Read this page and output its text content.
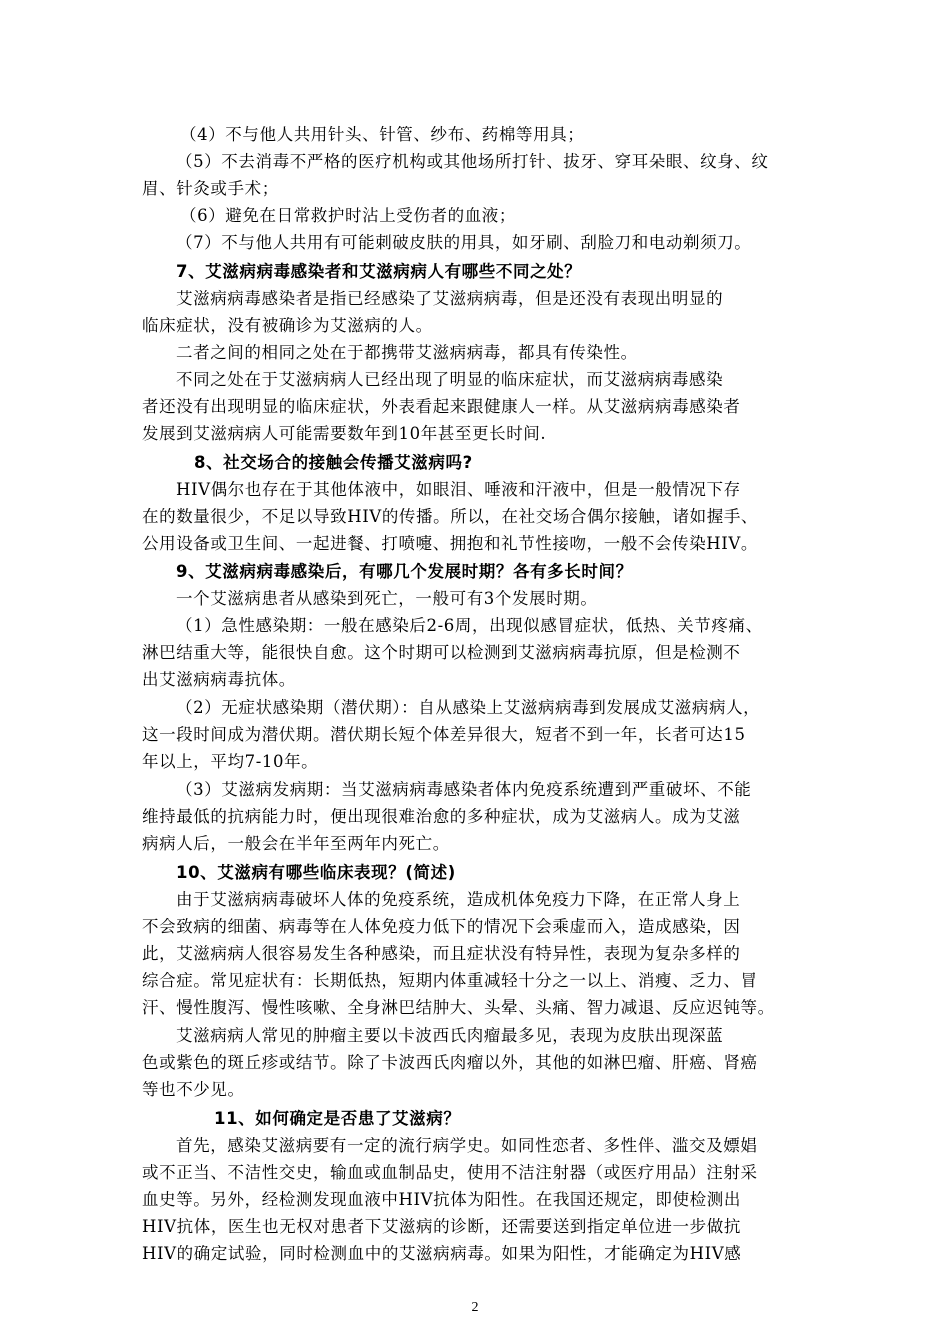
2
（4）不与他人共用针头、针管、纱布、药棉等用具；
（5）不去消毒不严格的医疗机构或其他场所打针、拔牙、穿耳朵眼、纹身、纹
眉、针灸或手术；
（6）避免在日常救护时沾上受伤者的血液；
（7）不与他人共用有可能刺破皮肤的用具，如牙刷、刮脸刀和电动剃须刀。
7、艾滋病病毒感染者和艾滋病病人有哪些不同之处？
艾滋病病毒感染者是指已经感染了艾滋病病毒，但是还没有表现出明显的
临床症状，没有被确诊为艾滋病的人。
二者之间的相同之处在于都携带艾滋病病毒，都具有传染性。
不同之处在于艾滋病病人已经出现了明显的临床症状，而艾滋病病毒感染
者还没有出现明显的临床症状，外表看起来跟健康人一样。从艾滋病病毒感染者
发展到艾滋病病人可能需要数年到10年甚至更长时间.
8、社交场合的接触会传播艾滋病吗?
HIV偶尔也存在于其他体液中，如眼泪、唾液和汗液中，但是一般情况下存
在的数量很少，不足以导致HIV的传播。所以，在社交场合偶尔接触，诸如握手、
公用设备或卫生间、一起进餐、打喷嚏、拥抱和礼节性接吻，一般不会传染HIV。
9、艾滋病病毒感染后，有哪几个发展时期？各有多长时间？
一个艾滋病患者从感染到死亡，一般可有3个发展时期。
（1）急性感染期：一般在感染后2-6周，出现似感冒症状，低热、关节疼痛、
淋巴结重大等，能很快自愈。这个时期可以检测到艾滋病病毒抗原，但是检测不
出艾滋病病毒抗体。
（2）无症状感染期（潜伏期）：自从感染上艾滋病病毒到发展成艾滋病病人，
这一段时间成为潜伏期。潜伏期长短个体差异很大，短者不到一年，长者可达15
年以上，平均7-10年。
（3）艾滋病发病期：当艾滋病病毒感染者体内免疫系统遭到严重破坏、不能
维持最低的抗病能力时，便出现很难治愈的多种症状，成为艾滋病人。成为艾滋
病病人后，一般会在半年至两年内死亡。
10、艾滋病有哪些临床表现？(简述)
由于艾滋病病毒破坏人体的免疫系统，造成机体免疫力下降，在正常人身上
不会致病的细菌、病毒等在人体免疫力低下的情况下会乘虚而入，造成感染，因
此，艾滋病病人很容易发生各种感染，而且症状没有特异性，表现为复杂多样的
综合症。常见症状有：长期低热，短期内体重减轻十分之一以上、消瘦、乏力、冒
汗、慢性腹泻、慢性咳嗽、全身淋巴结肿大、头晕、头痛、智力减退、反应迟钝等。
艾滋病病人常见的肿瘤主要以卡波西氏肉瘤最多见，表现为皮肤出现深蓝
色或紫色的斑丘疹或结节。除了卡波西氏肉瘤以外，其他的如淋巴瘤、肝癌、肾癌
等也不少见。
11、如何确定是否患了艾滋病？
首先，感染艾滋病要有一定的流行病学史。如同性恋者、多性伴、滥交及嫖娼
或不正当、不洁性交史，输血或血制品史，使用不洁注射器（或医疗用品）注射采
血史等。另外，经检测发现血液中HIV抗体为阳性。在我国还规定，即使检测出
HIV抗体，医生也无权对患者下艾滋病的诊断，还需要送到指定单位进一步做抗
HIV的确定试验，同时检测血中的艾滋病病毒。如果为阳性，才能确定为HIV感
